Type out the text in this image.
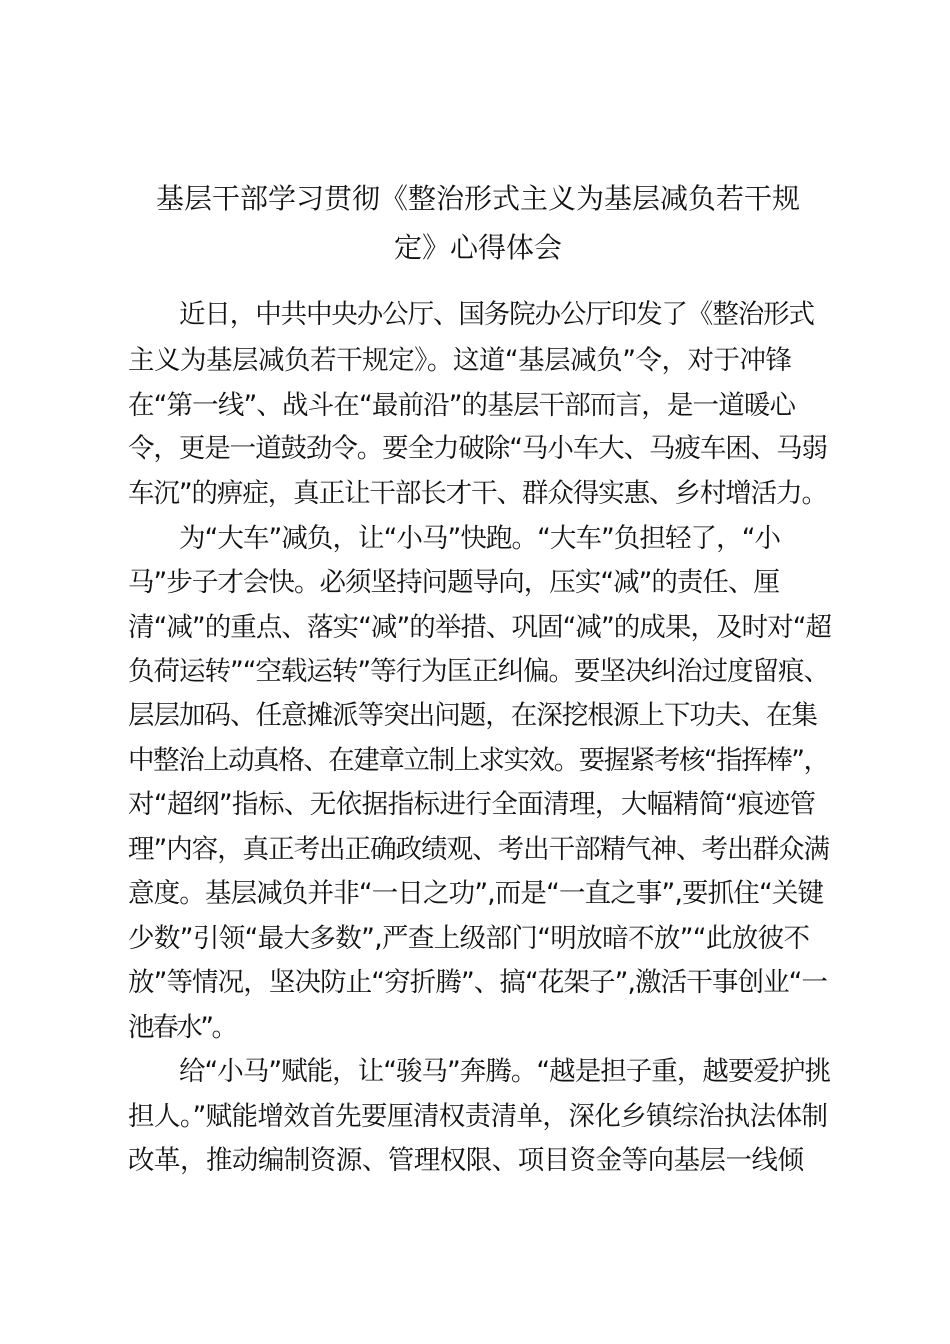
基层干部学习贯彻《整治形式主义为基层减负若干规
定》心得体会
近日，中共中央办公厅、国务院办公厅印发了《整治形式
主义为基层减负若干规定》。这道“基层减负”令，对于冲锋
在“第一线”、战斗在“最前沿”的基层干部而言，是一道暖心
令，更是一道鼓劲令。要全力破除“马小车大、马疲车困、马弱
车沉”的痹症，真正让干部长才干、群众得实惠、乡村增活力。
为“大车”减负，让“小马”快跑。“大车”负担轻了，“小
马”步子才会快。必须坚持问题导向，压实“减”的责任、厘
清“减”的重点、落实“减”的举措、巩固“减”的成果，及时对“超
负荷运转”“空载运转”等行为匡正纠偏。要坚决纠治过度留痕、
层层加码、任意摊派等突出问题，在深挖根源上下功夫、在集
中整治上动真格、在建章立制上求实效。要握紧考核“指挥棒”，
对“超纲”指标、无依据指标进行全面清理，大幅精简“痕迹管
理”内容，真正考出正确政绩观、考出干部精气神、考出群众满
意度。基层减负并非“一日之功”,而是“一直之事”,要抓住“关键
少数”引领“最大多数”,严查上级部门“明放暗不放”“此放彼不
放”等情况，坚决防止“穷折腾”、搞“花架子”,激活干事创业“一
池春水”。
给“小马”赋能，让“骏马”奔腾。“越是担子重，越要爱护挑
担人。”赋能增效首先要厘清权责清单，深化乡镇综治执法体制
改革，推动编制资源、管理权限、项目资金等向基层一线倾
